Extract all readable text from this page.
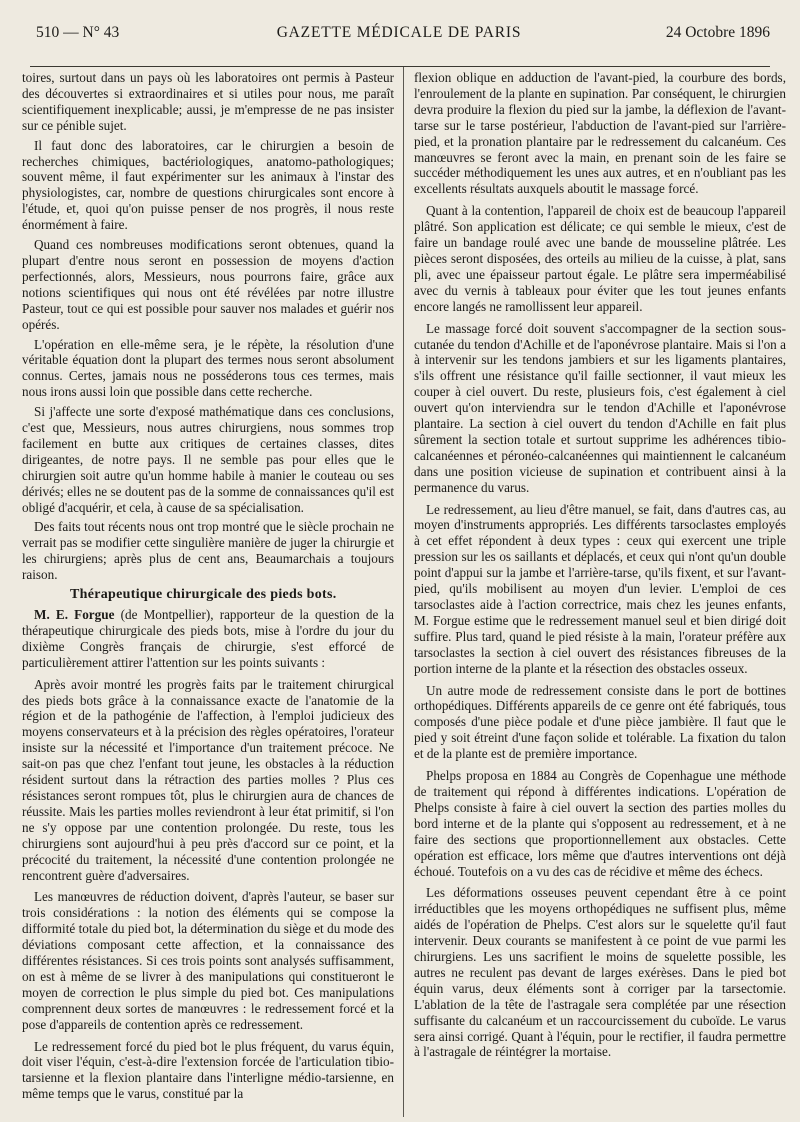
510 — N° 43	GAZETTE MÉDICALE DE PARIS	24 Octobre 1896

toires, surtout dans un pays où les laboratoires ont permis à Pasteur des découvertes si extraordinaires et si utiles pour nous, me paraît scientifiquement inexplicable; aussi, je m'empresse de ne pas insister sur ce pénible sujet.

Il faut donc des laboratoires, car le chirurgien a besoin de recherches chimiques, bactériologiques, anatomo-pathologiques; souvent même, il faut expérimenter sur les animaux à l'instar des physiologistes, car, nombre de questions chirurgicales sont encore à l'étude, et, quoi qu'on puisse penser de nos progrès, il nous reste énormément à faire.

Quand ces nombreuses modifications seront obtenues, quand la plupart d'entre nous seront en possession de moyens d'action perfectionnés, alors, Messieurs, nous pourrons faire, grâce aux notions scientifiques qui nous ont été révélées par notre illustre Pasteur, tout ce qui est possible pour sauver nos malades et guérir nos opérés.

L'opération en elle-même sera, je le répète, la résolution d'une véritable équation dont la plupart des termes nous seront absolument connus. Certes, jamais nous ne posséderons tous ces termes, mais nous irons aussi loin que possible dans cette recherche.

Si j'affecte une sorte d'exposé mathématique dans ces conclusions, c'est que, Messieurs, nous autres chirurgiens, nous sommes trop facilement en butte aux critiques de certaines classes, dites dirigeantes, de notre pays. Il ne semble pas pour elles que le chirurgien soit autre qu'un homme habile à manier le couteau ou ses dérivés; elles ne se doutent pas de la somme de connaissances qu'il est obligé d'acquérir, et cela, à cause de sa spécialisation.

Des faits tout récents nous ont trop montré que le siècle prochain ne verrait pas se modifier cette singulière manière de juger la chirurgie et les chirurgiens; après plus de cent ans, Beaumarchais a toujours raison.

Thérapeutique chirurgicale des pieds bots.

M. E. Forgue (de Montpellier), rapporteur de la question de la thérapeutique chirurgicale des pieds bots, mise à l'ordre du jour du dixième Congrès français de chirurgie, s'est efforcé de particulièrement attirer l'attention sur les points suivants :

Après avoir montré les progrès faits par le traitement chirurgical des pieds bots grâce à la connaissance exacte de l'anatomie de la région et de la pathogénie de l'affection, à l'emploi judicieux des moyens conservateurs et à la précision des règles opératoires, l'orateur insiste sur la nécessité et l'importance d'un traitement précoce. Ne sait-on pas que chez l'enfant tout jeune, les obstacles à la réduction résident surtout dans la rétraction des parties molles ? Plus ces résistances seront rompues tôt, plus le chirurgien aura de chances de réussite. Mais les parties molles reviendront à leur état primitif, si l'on ne s'y oppose par une contention prolongée. Du reste, tous les chirurgiens sont aujourd'hui à peu près d'accord sur ce point, et la précocité du traitement, la nécessité d'une contention prolongée ne rencontrent guère d'adversaires.

Les manœuvres de réduction doivent, d'après l'auteur, se baser sur trois considérations : la notion des éléments qui se compose la difformité totale du pied bot, la détermination du siège et du mode des déviations composant cette affection, et la connaissance des différentes résistances. Si ces trois points sont analysés suffisamment, on est à même de se livrer à des manipulations qui constitueront le moyen de correction le plus simple du pied bot. Ces manipulations comprennent deux sortes de manœuvres : le redressement forcé et la pose d'appareils de contention après ce redressement.

Le redressement forcé du pied bot le plus fréquent, du varus équin, doit viser l'équin, c'est-à-dire l'extension forcée de l'articulation tibio-tarsienne et la flexion plantaire dans l'interligne médio-tarsienne, en même temps que le varus, constitué par la

flexion oblique en adduction de l'avant-pied, la courbure des bords, l'enroulement de la plante en supination. Par conséquent, le chirurgien devra produire la flexion du pied sur la jambe, la déflexion de l'avant-tarse sur le tarse postérieur, l'abduction de l'avant-pied sur l'arrière-pied, et la pronation plantaire par le redressement du calcanéum. Ces manœuvres se feront avec la main, en prenant soin de les faire se succéder méthodiquement les unes aux autres, et en n'oubliant pas les excellents résultats auxquels aboutit le massage forcé.

Quant à la contention, l'appareil de choix est de beaucoup l'appareil plâtré. Son application est délicate; ce qui semble le mieux, c'est de faire un bandage roulé avec une bande de mousseline plâtrée. Les pièces seront disposées, des orteils au milieu de la cuisse, à plat, sans pli, avec une épaisseur partout égale. Le plâtre sera imperméabilisé avec du vernis à tableaux pour éviter que les tout jeunes enfants encore langés ne ramollissent leur appareil.

Le massage forcé doit souvent s'accompagner de la section sous-cutanée du tendon d'Achille et de l'aponévrose plantaire. Mais si l'on a à intervenir sur les tendons jambiers et sur les ligaments plantaires, s'ils offrent une résistance qu'il faille sectionner, il vaut mieux les couper à ciel ouvert. Du reste, plusieurs fois, c'est également à ciel ouvert qu'on interviendra sur le tendon d'Achille et l'aponévrose plantaire. La section à ciel ouvert du tendon d'Achille en fait plus sûrement la section totale et surtout supprime les adhérences tibio-calcanéennes et péronéo-calcanéennes qui maintiennent le calcanéum dans une position vicieuse de supination et contribuent ainsi à la permanence du varus.

Le redressement, au lieu d'être manuel, se fait, dans d'autres cas, au moyen d'instruments appropriés. Les différents tarsoclastes employés à cet effet répondent à deux types : ceux qui exercent une triple pression sur les os saillants et déplacés, et ceux qui n'ont qu'un double point d'appui sur la jambe et l'arrière-tarse, qu'ils fixent, et sur l'avant-pied, qu'ils mobilisent au moyen d'un levier. L'emploi de ces tarsoclastes aide à l'action correctrice, mais chez les jeunes enfants, M. Forgue estime que le redressement manuel seul et bien dirigé doit suffire. Plus tard, quand le pied résiste à la main, l'orateur préfère aux tarsoclastes la section à ciel ouvert des résistances fibreuses de la portion interne de la plante et la résection des obstacles osseux.

Un autre mode de redressement consiste dans le port de bottines orthopédiques. Différents appareils de ce genre ont été fabriqués, tous composés d'une pièce podale et d'une pièce jambière. Il faut que le pied y soit étreint d'une façon solide et tolérable. La fixation du talon et de la plante est de première importance.

Phelps proposa en 1884 au Congrès de Copenhague une méthode de traitement qui répond à différentes indications. L'opération de Phelps consiste à faire à ciel ouvert la section des parties molles du bord interne et de la plante qui s'opposent au redressement, et à ne faire des sections que proportionnellement aux obstacles. Cette opération est efficace, lors même que d'autres interventions ont déjà échoué. Toutefois on a vu des cas de récidive et même des échecs.

Les déformations osseuses peuvent cependant être à ce point irréductibles que les moyens orthopédiques ne suffisent plus, même aidés de l'opération de Phelps. C'est alors sur le squelette qu'il faut intervenir. Deux courants se manifestent à ce point de vue parmi les chirurgiens. Les uns sacrifient le moins de squelette possible, les autres ne reculent pas devant de larges exérèses. Dans le pied bot équin varus, deux éléments sont à corriger par la tarsectomie. L'ablation de la tête de l'astragale sera complétée par une résection suffisante du calcanéum et un raccourcissement du cuboïde. Le varus sera ainsi corrigé. Quant à l'équin, pour le rectifier, il faudra permettre à l'astragale de réintégrer la mortaise.
